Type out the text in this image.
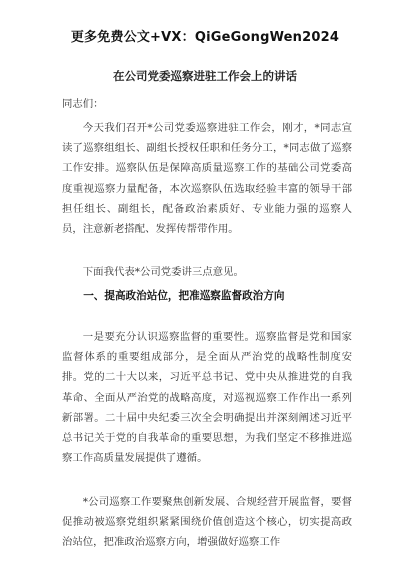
更多免费公文+VX：QiGeGongWen2024
在公司党委巡察进驻工作会上的讲话

同志们：

今天我们召开*公司党委巡察进驻工作会，刚才，*同志宣读了巡察组组长、副组长授权任职和任务分工，*同志做了巡察工作安排。巡察队伍是保障高质量巡察工作的基础公司党委高度重视巡察力量配备，本次巡察队伍选取经验丰富的领导干部担任组长、副组长，配备政治素质好、专业能力强的巡察人员，注意新老搭配、发挥传帮带作用。

下面我代表*公司党委讲三点意见。

一、提高政治站位，把准巡察监督政治方向

一是要充分认识巡察监督的重要性。巡察监督是党和国家监督体系的重要组成部分，是全面从严治党的战略性制度安排。党的二十大以来，习近平总书记、党中央从推进党的自我革命、全面从严治党的战略高度，对巡视巡察工作作出一系列新部署。二十届中央纪委三次全会明确提出并深刻阐述习近平总书记关于党的自我革命的重要思想，为我们坚定不移推进巡察工作高质量发展提供了遵循。

*公司巡察工作要聚焦创新发展、合规经营开展监督，要督促推动被巡察党组织紧紧围绕价值创造这个核心，切实提高政治站位，把准政治巡察方向，增强做好巡察工作
